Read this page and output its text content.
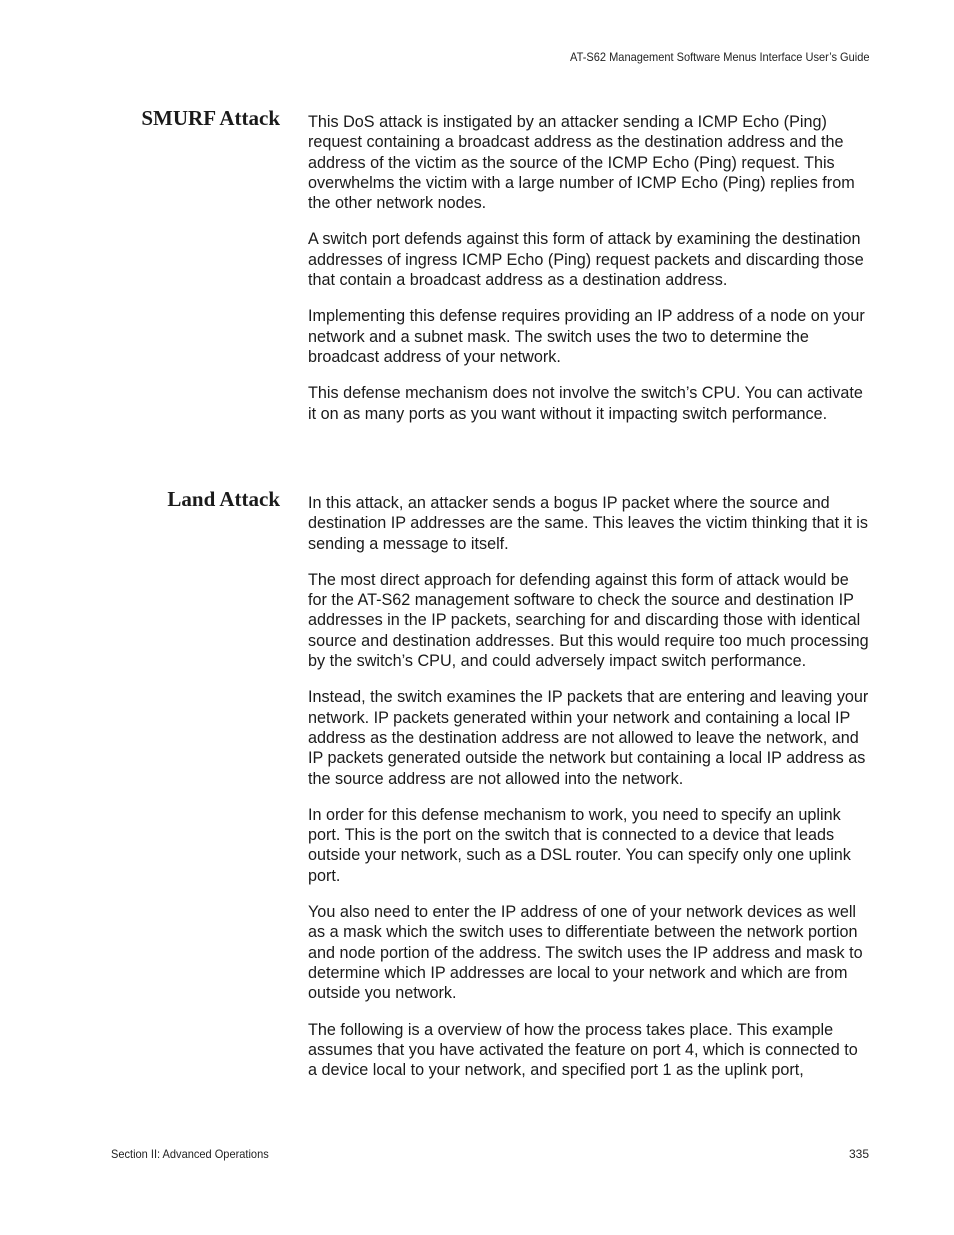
AT-S62 Management Software Menus Interface User’s Guide
SMURF Attack This DoS attack is instigated by an attacker sending a ICMP Echo (Ping) request containing a broadcast address as the destination address and the address of the victim as the source of the ICMP Echo (Ping) request. This overwhelms the victim with a large number of ICMP Echo (Ping) replies from the other network nodes.

A switch port defends against this form of attack by examining the destination addresses of ingress ICMP Echo (Ping) request packets and discarding those that contain a broadcast address as a destination address.

Implementing this defense requires providing an IP address of a node on your network and a subnet mask. The switch uses the two to determine the broadcast address of your network.

This defense mechanism does not involve the switch’s CPU. You can activate it on as many ports as you want without it impacting switch performance.

Land Attack In this attack, an attacker sends a bogus IP packet where the source and destination IP addresses are the same. This leaves the victim thinking that it is sending a message to itself.

The most direct approach for defending against this form of attack would be for the AT-S62 management software to check the source and destination IP addresses in the IP packets, searching for and discarding those with identical source and destination addresses. But this would require too much processing by the switch’s CPU, and could adversely impact switch performance.

Instead, the switch examines the IP packets that are entering and leaving your network. IP packets generated within your network and containing a local IP address as the destination address are not allowed to leave the network, and IP packets generated outside the network but containing a local IP address as the source address are not allowed into the network.

In order for this defense mechanism to work, you need to specify an uplink port. This is the port on the switch that is connected to a device that leads outside your network, such as a DSL router. You can specify only one uplink port.

You also need to enter the IP address of one of your network devices as well as a mask which the switch uses to differentiate between the network portion and node portion of the address. The switch uses the IP address and mask to determine which IP addresses are local to your network and which are from outside you network.

The following is a overview of how the process takes place. This example assumes that you have activated the feature on port 4, which is connected to a device local to your network, and specified port 1 as the uplink port,

Section II: Advanced Operations	335
